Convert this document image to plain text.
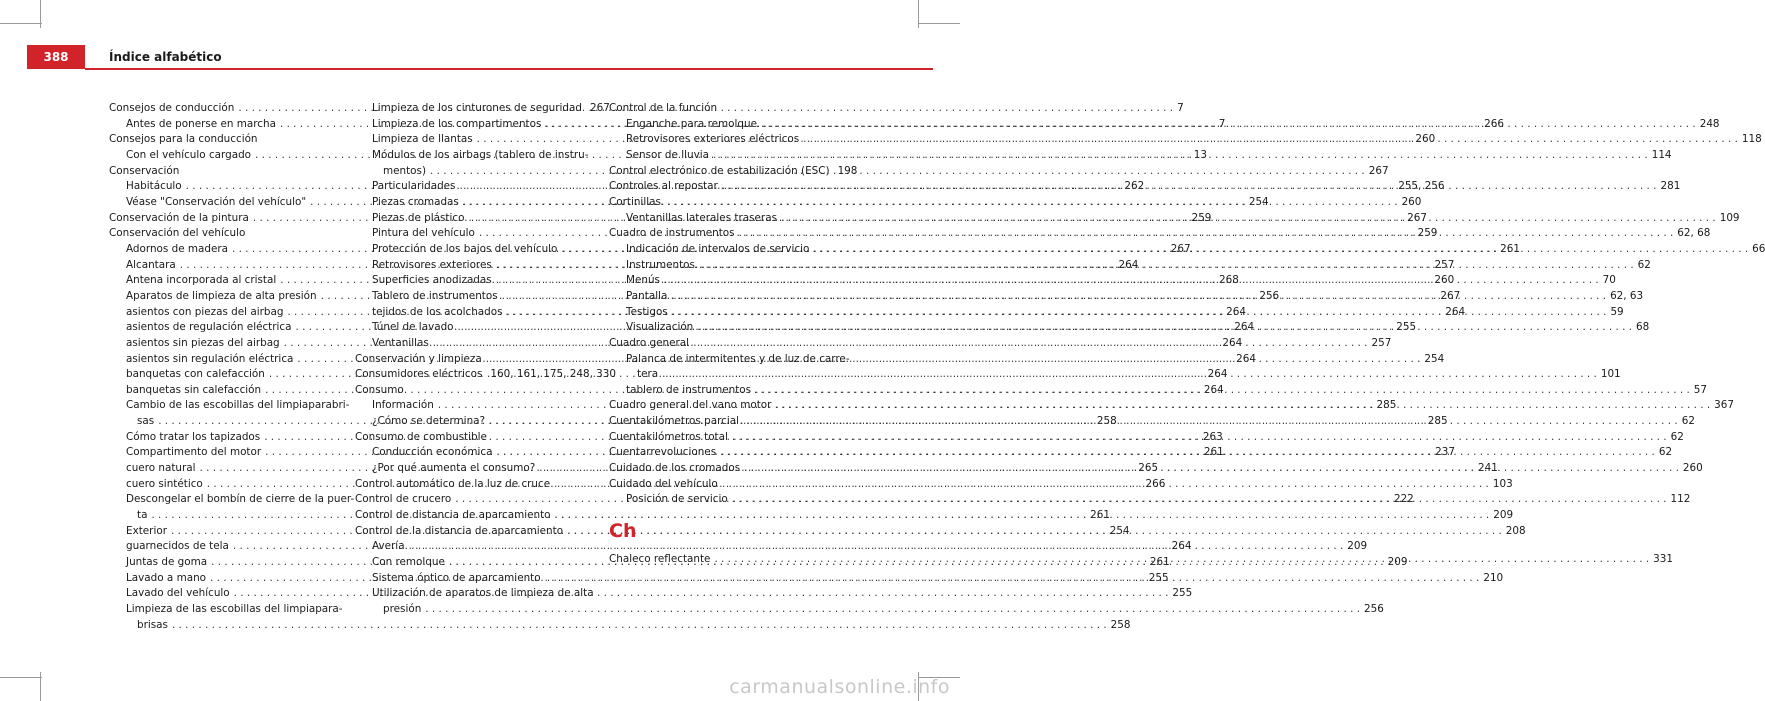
388	Índice alfabético
Consejos de conducción . . .	7
Antes de ponerse en marcha . . .	7
Consejos para la conducción
Con el vehículo cargado . . .	13
Conservación
Habitáculo . . .	262
Véase "Conservación del vehículo" . . .	254
Conservación de la pintura . . .	259
Conservación del vehículo
Adornos de madera . . .	267
Alcantara . . .	264
Antena incorporada al cristal . . .	268
Aparatos de limpieza de alta presión . . .	256
asientos con piezas del airbag . . .	264
asientos de regulación eléctrica . . .	264
asientos sin piezas del airbag . . .	264
asientos sin regulación eléctrica . . .	264
banquetas con calefacción . . .	264
banquetas sin calefacción . . .	264
Cambio de las escobillas del limpiaparabri-
sas . . .	258
Cómo tratar los tapizados . . .	263
Compartimento del motor . . .	261
cuero natural . . .	265
cuero sintético . . .	266
Descongelar el bombín de cierre de la puer-
ta . . .	261
Exterior . . .	254
guarnecidos de tela . . .	264
Juntas de goma . . .	261
Lavado a mano . . .	255
Lavado del vehículo . . .	255
Limpieza de las escobillas del limpiapara-
brisas . . .	258
Limpieza de los cinturones de seguridad 267
Limpieza de los compartimentos . . .	266
Limpieza de llantas . . .	260
Módulos de los airbags (tablero de instru-
mentos) . . .	267
Particularidades . . .	255, 256
Piezas cromadas . . .	260
Piezas de plástico . . .	267
Pintura del vehículo . . .	259
Protección de los bajos del vehículo . . .	261
Retrovisores exteriores . . .	257
Superficies anodizadas . . .	260
Tablero de instrumentos . . .	267
tejidos de los acolchados . . .	264
Túnel de lavado . . .	255
Ventanillas . . .	257
Conservación y limpieza . . .	254
Consumidores eléctricos 160, 161, 175, 248, 330
Consumo
Información . . .	285
¿Cómo se determina? . . .	285
Consumo de combustible
Conducción económica . . .	237
¿Por qué aumenta el consumo? . . .	241
Control automático de la luz de cruce . . .	103
Control de crucero . . .	222
Control de distancia de aparcamiento . . .	209
Control de la distancia de aparcamiento . . .	208
Avería . . .	209
Con remolque . . .	209
Sistema óptico de aparcamiento . . .	210
Utilización de aparatos de limpieza de alta
presión . . .	256
Control de la función
Enganche para remolque . . .	248
Retrovisores exteriores eléctricos . . .	118
Sensor de lluvia . . .	114
Control electrónico de estabilización (ESC) 198
Controles al repostar . . .	281
Cortinillas
Ventanillas laterales traseras . . .	109
Cuadro de instrumentos . . .	62, 68
Indicación de intervalos de servicio . . .	66
Instrumentos . . .	62
Menús . . .	70
Pantalla . . .	62, 63
Testigos . . .	59
Visualización . . .	68
Cuadro general
Palanca de intermitentes y de luz de carre-
tera . . .	101
tablero de instrumentos . . .	57
Cuadro general del vano motor . . .	367
Cuentakilómetros parcial . . .	62
Cuentakilómetros total . . .	62
Cuentarrevoluciones . . .	62
Cuidado de los cromados . . .	260
Cuidado del vehículo
Posición de servicio . . .	112
Ch
Chaleco reflectante . . .	331
carmanualsonline.info
